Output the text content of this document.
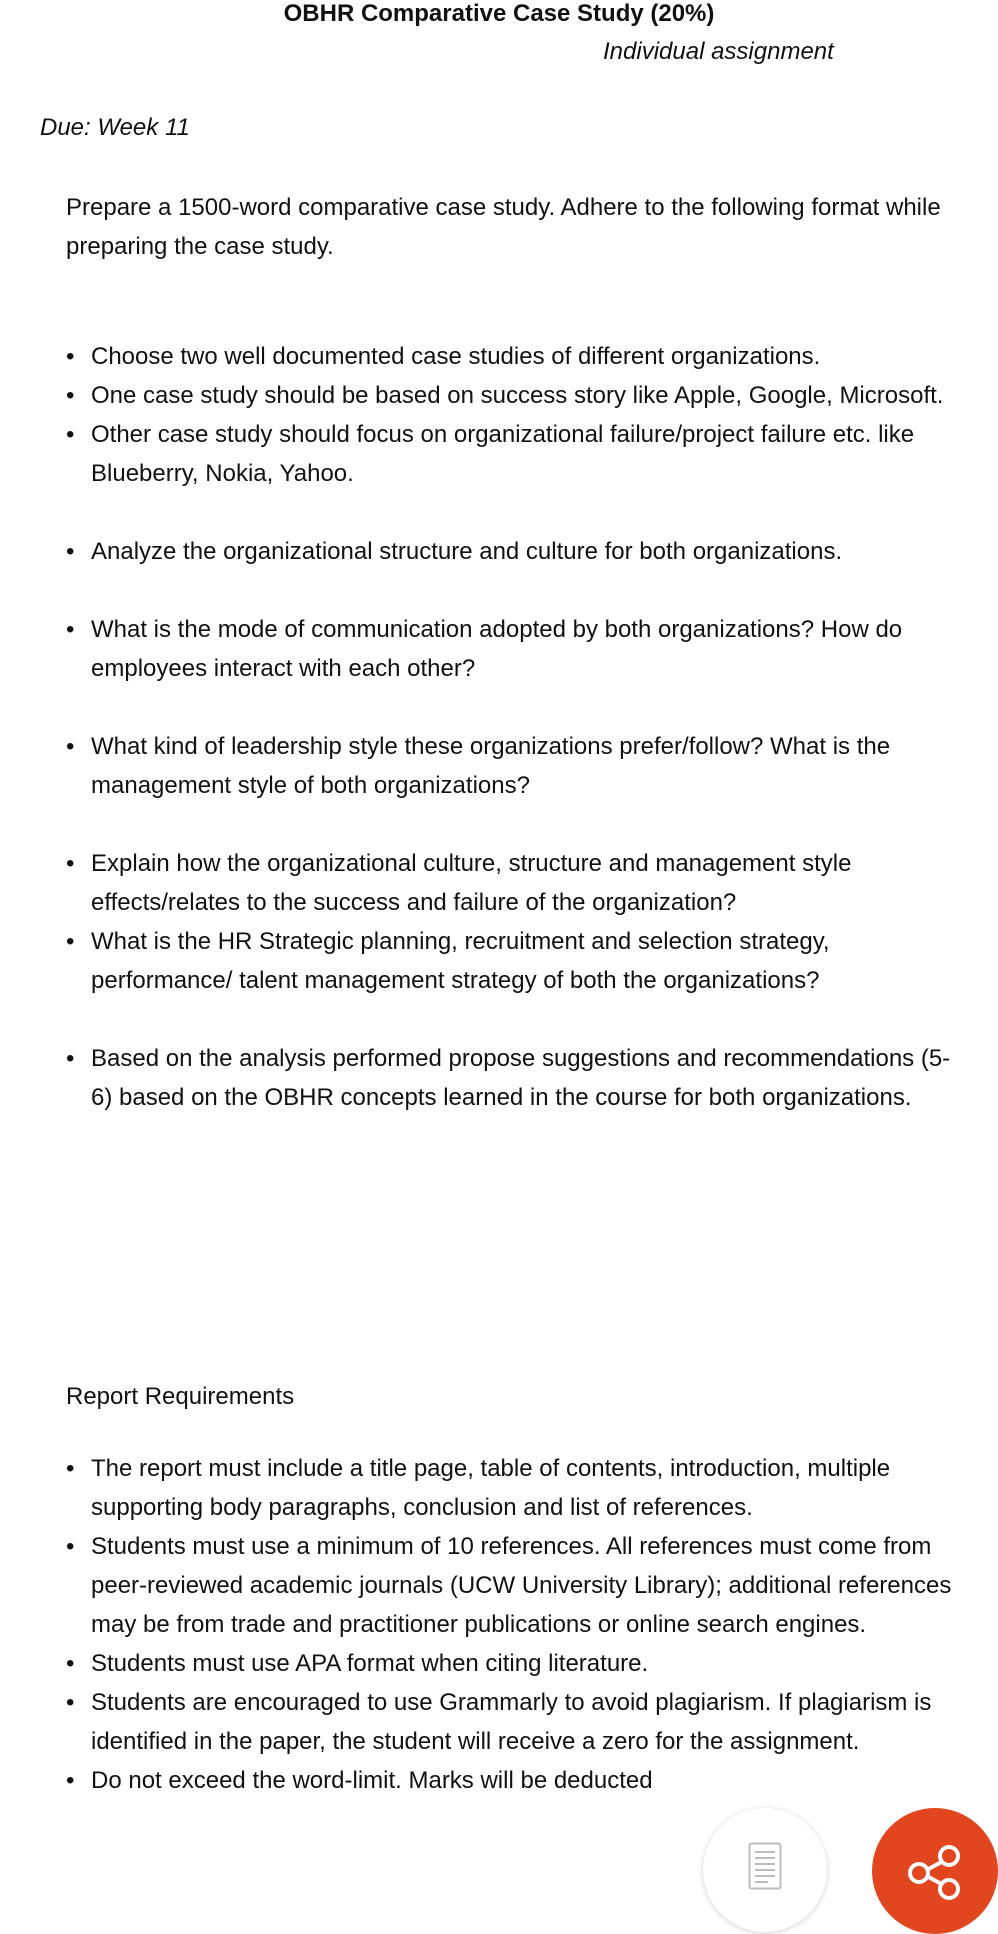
OBHR Comparative Case Study (20%)
Individual assignment
Due: Week 11

Prepare a 1500-word comparative case study. Adhere to the following format while preparing the case study.

• Choose two well documented case studies of different organizations.
• One case study should be based on success story like Apple, Google, Microsoft.
• Other case study should focus on organizational failure/project failure etc. like Blueberry, Nokia, Yahoo.
• Analyze the organizational structure and culture for both organizations.
• What is the mode of communication adopted by both organizations? How do employees interact with each other?
• What kind of leadership style these organizations prefer/follow? What is the management style of both organizations?
• Explain how the organizational culture, structure and management style effects/relates to the success and failure of the organization?
• What is the HR Strategic planning, recruitment and selection strategy, performance/ talent management strategy of both the organizations?
• Based on the analysis performed propose suggestions and recommendations (5-6) based on the OBHR concepts learned in the course for both organizations.
Report Requirements
• The report must include a title page, table of contents, introduction, multiple supporting body paragraphs, conclusion and list of references.
• Students must use a minimum of 10 references. All references must come from peer-reviewed academic journals (UCW University Library); additional references may be from trade and practitioner publications or online search engines.
• Students must use APA format when citing literature.
• Students are encouraged to use Grammarly to avoid plagiarism. If plagiarism is identified in the paper, the student will receive a zero for the assignment.
• Do not exceed the word-limit. Marks will be deducted
